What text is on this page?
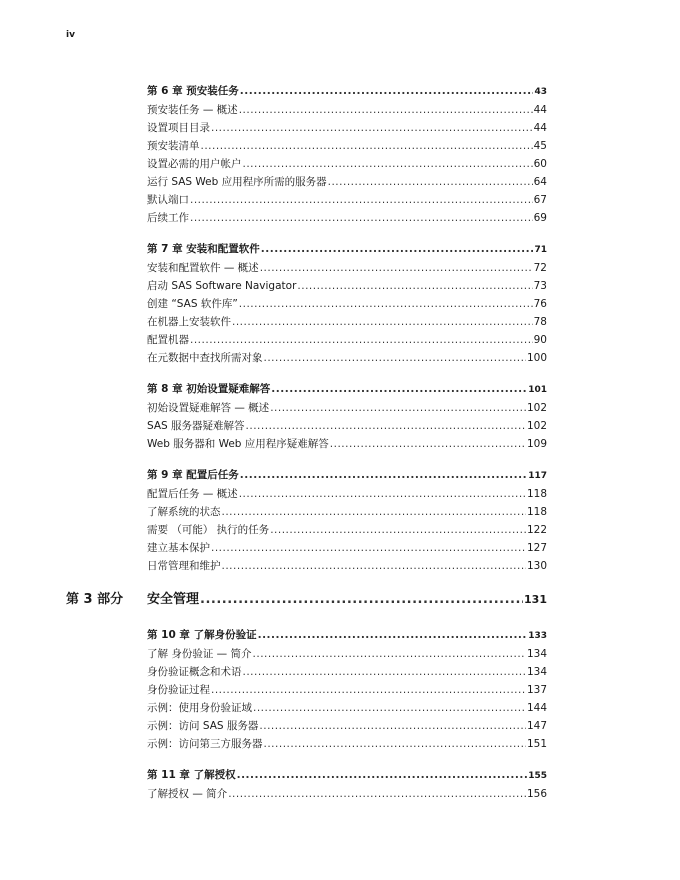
iv
第 6 章 预安装任务 .....	43
预安装任务 — 概述 .....	44
设置项目目录 .....	44
预安装清单 .....	45
设置必需的用户帐户 .....	60
运行 SAS Web 应用程序所需的服务器 .....	64
默认端口 .....	67
后续工作 .....	69
第 7 章 安装和配置软件 .....	71
安装和配置软件 — 概述 .....	72
启动 SAS Software Navigator .....	73
创建 “SAS 软件库” .....	76
在机器上安装软件 .....	78
配置机器 .....	90
在元数据中查找所需对象 .....	100
第 8 章 初始设置疑难解答 .....	101
初始设置疑难解答 — 概述 .....	102
SAS 服务器疑难解答 .....	102
Web 服务器和 Web 应用程序疑难解答 .....	109
第 9 章 配置后任务 .....	117
配置后任务 — 概述 .....	118
了解系统的状态 .....	118
需要 （可能） 执行的任务 .....	122
建立基本保护 .....	127
日常管理和维护 .....	130
第 3 部分 安全管理 .....	131
第 10 章 了解身份验证 .....	133
了解 身份验证 — 简介 .....	134
身份验证概念和术语 .....	134
身份验证过程 .....	137
示例：使用身份验证域 .....	144
示例：访问 SAS 服务器 .....	147
示例：访问第三方服务器 .....	151
第 11 章 了解授权 .....	155
了解授权 — 简介 .....	156
